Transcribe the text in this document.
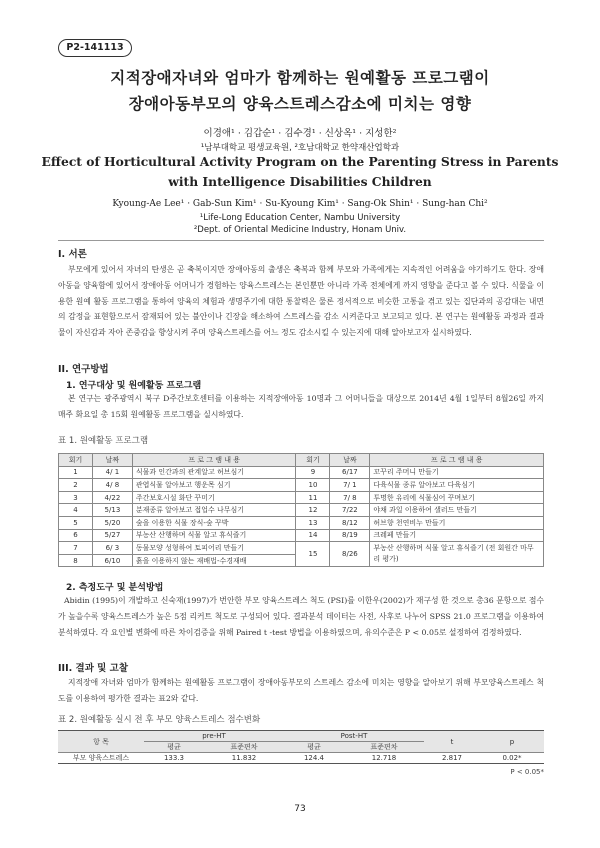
P2-141113
지적장애자녀와 엄마가 함께하는 원예활동 프로그램이
장애아동부모의 양육스트레스감소에 미치는 영향
이경애¹ · 김갑순¹ · 김수경¹ · 신상옥¹ · 지성한²
¹남부대학교 평생교육원, ²호남대학교 한약재산업학과
Effect of Horticultural Activity Program on the Parenting Stress in Parents with Intelligence Disabilities Children
Kyoung-Ae Lee¹ · Gab-Sun Kim¹ · Su-Kyoung Kim¹ · Sang-Ok Shin¹ · Sung-han Chi²
¹Life-Long Education Center, Nambu University
²Dept. of Oriental Medicine Industry, Honam Univ.
I. 서론
부모에게 있어서 자녀의 탄생은 곧 축복이지만 장애아동의 출생은 축복과 함께 부모와 가족에게는 지속적인 어려움을 야기하기도 한다. 장애아동을 양육함에 있어서 장애아동 어머니가 경험하는 양육스트레스는 본인뿐만 아니라 가족 전체에게 까지 영향을 준다고 볼 수 있다. 식물을 이용한 원예 활동 프로그램을 통하여 양육의 체험과 생명주기에 대한 통찰력은 물론 정서적으로 비슷한 고통을 겪고 있는 집단과의 공감대는 내면의 감정을 표현함으로서 잠재되어 있는 불안이나 긴장을 해소하여 스트레스를 감소 시켜준다고 보고되고 있다. 본 연구는 원예활동 과정과 결과물이 자신감과 자아 존중감을 향상시켜 주며 양육스트레스를 어느 정도 감소시킬 수 있는지에 대해 알아보고자 실시하였다.
II. 연구방법
1. 연구대상 및 원예활동 프로그램
본 연구는 광주광역시 북구 D주간보호센터를 이용하는 지적장애아동 10명과 그 어머니들을 대상으로 2014년 4월 1일부터 8월26일 까지 매주 화요일 총 15회 원예활동 프로그램을 실시하였다.
표 1. 원예활동 프로그램
회기	날짜	프 로 그 램 내 용	회기	날짜	프 로 그 램 내 용
1	4/ 1	식물과 인간과의 관계알고 허브심기	9	6/17	꼬꾸리 주머니 만들기
2	4/ 8	관엽식물 알아보고 행운목 심기	10	7/ 1	다육식물 종류 알아보고 다육심기
3	4/22	주간보호시설 화단 꾸미기	11	7/ 8	투명한 유리에 식물심어 꾸며보기
4	5/13	분재종류 알아보고 접업수 나무심기	12	7/22	야채 과일 이용하여 샐러드 만들기
5	5/20	숲을 이용한 식물 장식-숲 꾸박	13	8/12	허브향 천연비누 만들기
6	5/27	부농산 산행하며 식물 알고 휴식즐기	14	8/19	크레페 만들기
7	6/ 3	동물모양 성형하여 토피어리 만들기	15	8/26	부농산 산행하며 식물 알고 휴식즐기 (전 회원간 마무리 평가)
8	6/10	흙을 이용하지 않는 재배법-수경재배			
2. 측정도구 및 분석방법
Abidin (1995)이 개발하고 신숙재(1997)가 번안한 부모 양육스트레스 척도 (PSI)를 이한우(2002)가 재구성 한 것으로 총36 문항으로 점수가 높을수록 양육스트레스가 높은 5점 리커트 척도로 구성되어 있다. 결과분석 데이터는 사전, 사후로 나누어 SPSS 21.0 프로그램을 이용하여 분석하였다. 각 요인별 변화에 따른 차이검증을 위해 Paired t -test 방법을 이용하였으며, 유의수준은 P < 0.05로 설정하여 검정하였다.
III. 결과 및 고찰
지적장애 자녀와 엄마가 함께하는 원예활동 프로그램이 장애아동부모의 스트레스 감소에 미치는 영향을 알아보기 위해 부모양육스트레스 척도를 이용하여 평가한 결과는 표2와 같다.
표 2. 원예활동 실시 전 후 부모 양육스트레스 점수변화
항 목	pre-HT		Post-HT		t	p
	평균	표준편차	평균	표준편차		
부모 양육스트레스	133.3	11.832	124.4	12.718	2.817	0.02*
P < 0.05*
73
